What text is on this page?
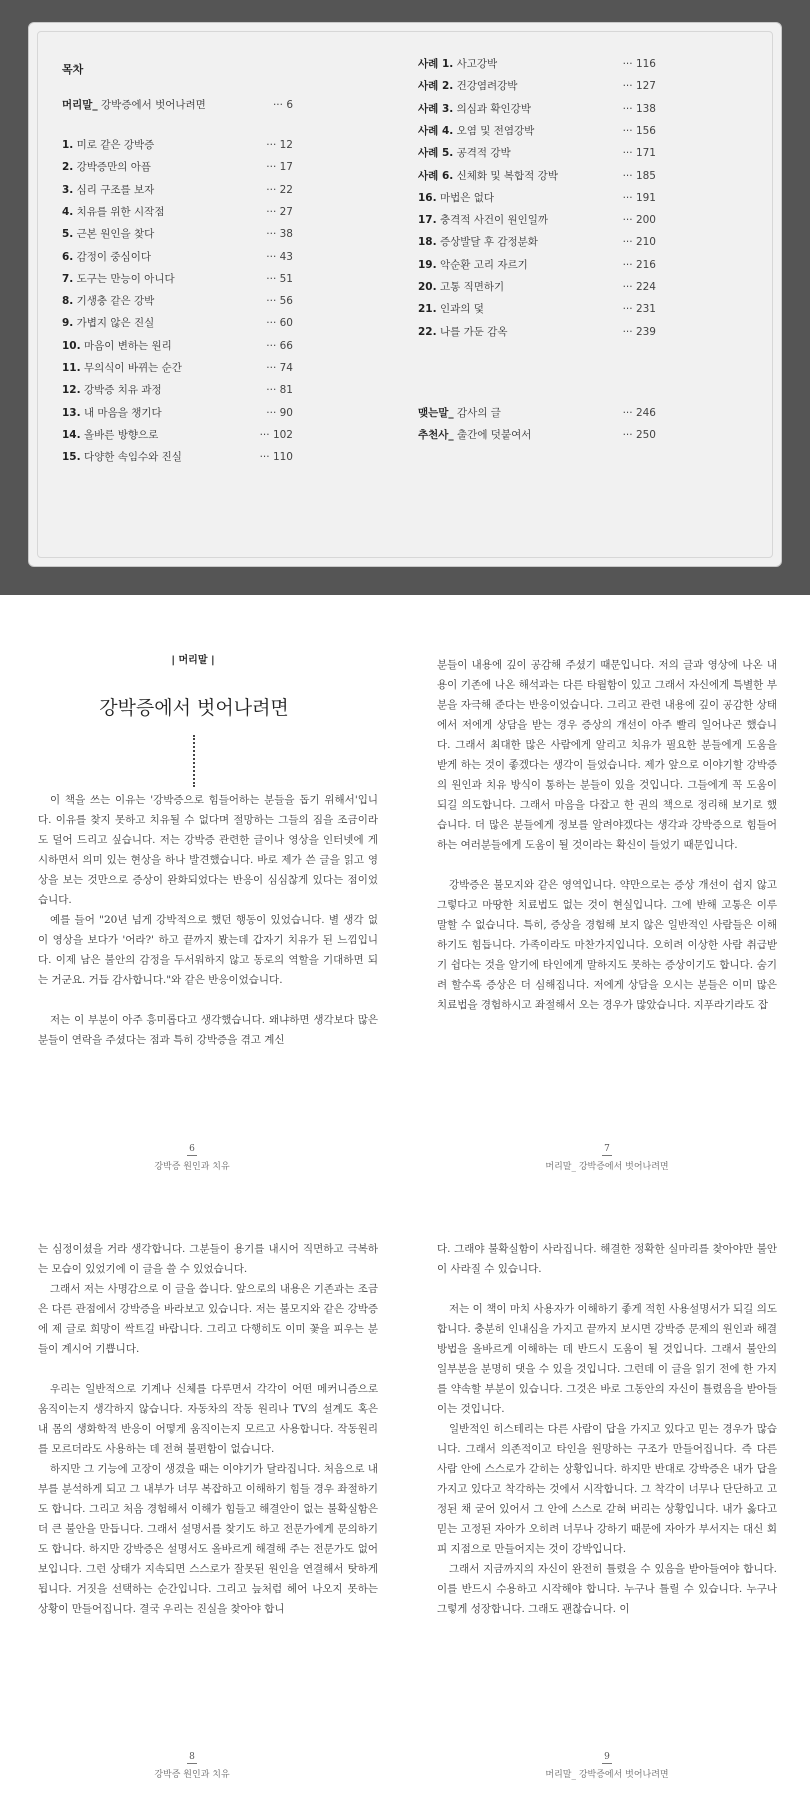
목차
머리말_ 강박증에서 벗어나려면	··· 6
1. 미로 같은 강박증	··· 12
2. 강박증만의 아픔	··· 17
3. 심리 구조를 보자	··· 22
4. 치유를 위한 시작점	··· 27
5. 근본 원인을 찾다	··· 38
6. 감정이 중심이다	··· 43
7. 도구는 만능이 아니다	··· 51
8. 기생충 같은 강박	··· 56
9. 가볍지 않은 진실	··· 60
10. 마음이 변하는 원리	··· 66
11. 무의식이 바뀌는 순간	··· 74
12. 강박증 치유 과정	··· 81
13. 내 마음을 챙기다	··· 90
14. 올바른 방향으로	··· 102
15. 다양한 속임수와 진실	··· 110
사례 1. 사고강박	··· 116
사례 2. 건강염려강박	··· 127
사례 3. 의심과 확인강박	··· 138
사례 4. 오염 및 전염강박	··· 156
사례 5. 공격적 강박	··· 171
사례 6. 신체화 및 복합적 강박	··· 185
16. 마법은 없다	··· 191
17. 충격적 사건이 원인일까	··· 200
18. 증상발달 후 감정분화	··· 210
19. 악순환 고리 자르기	··· 216
20. 고통 직면하기	··· 224
21. 인과의 덫	··· 231
22. 나를 가둔 감옥	··· 239
맺는말_ 감사의 글	··· 246
추천사_ 출간에 덧붙여서	··· 250
| 머리말 |
강박증에서 벗어나려면

이 책을 쓰는 이유는 '강박증으로 힘들어하는 분들을 돕기 위해서'입니다. 이유를 찾지 못하고 치유될 수 없다며 절망하는 그들의 짐을 조금이라도 덜어 드리고 싶습니다. 저는 강박증 관련한 글이나 영상을 인터넷에 게시하면서 의미 있는 현상을 하나 발견했습니다. 바로 제가 쓴 글을 읽고 영상을 보는 것만으로 증상이 완화되었다는 반응이 심심찮게 있다는 점이었습니다.

예를 들어 "20년 넘게 강박적으로 했던 행동이 있었습니다. 별 생각 없이 영상을 보다가 '어라?' 하고 끝까지 봤는데 갑자기 치유가 된 느낌입니다. 이제 남은 불안의 감정을 두서워하지 않고 동로의 역할을 기대하면 되는 거군요. 거듭 감사합니다."와 같은 반응이었습니다.

저는 이 부분이 아주 흥미롭다고 생각했습니다. 왜냐하면 생각보다 많은 분들이 연락을 주셨다는 점과 특히 강박증을 겪고 계신

6
강박증 원인과 치유

분들이 내용에 깊이 공감해 주셨기 때문입니다. 저의 글과 영상에 나온 내용이 기존에 나온 해석과는 다른 타월함이 있고 그래서 자신에게 특별한 부분을 자극해 준다는 반응이었습니다. 그리고 관련 내용에 깊이 공감한 상태에서 저에게 상담을 받는 경우 증상의 개선이 아주 빨리 일어나곤 했습니다. 그래서 최대한 많은 사람에게 알리고 치유가 필요한 분들에게 도움을 받게 하는 것이 좋겠다는 생각이 들었습니다. 제가 앞으로 이야기할 강박증의 원인과 치유 방식이 통하는 분들이 있을 것입니다. 그들에게 꼭 도움이 되길 의도합니다. 그래서 마음을 다잡고 한 권의 책으로 정리해 보기로 했습니다. 더 많은 분들에게 정보를 알려야겠다는 생각과 강박증으로 힘들어하는 여러분들에게 도움이 될 것이라는 확신이 들었기 때문입니다.

강박증은 불모지와 같은 영역입니다. 약만으로는 증상 개선이 쉽지 않고 그렇다고 마땅한 치료법도 없는 것이 현실입니다. 그에 반해 고통은 이루 말할 수 없습니다. 특히, 증상을 경험해 보지 않은 일반적인 사람들은 이해하기도 힘듭니다. 가족이라도 마찬가지입니다. 오히려 이상한 사람 취급받기 쉽다는 것을 알기에 타인에게 말하지도 못하는 증상이기도 합니다. 숨기려 할수록 증상은 더 심해집니다. 저에게 상담을 오시는 분들은 이미 많은 치료법을 경험하시고 좌절해서 오는 경우가 많았습니다. 지푸라기라도 잡

7
머리말_ 강박증에서 벗어나려면

는 심정이셨을 거라 생각합니다. 그분들이 용기를 내시어 직면하고 극복하는 모습이 있었기에 이 글을 쓸 수 있었습니다.

그래서 저는 사명감으로 이 글을 씁니다. 앞으로의 내용은 기존과는 조금은 다른 관점에서 강박증을 바라보고 있습니다. 저는 불모지와 같은 강박증에 제 글로 희망이 싹트길 바랍니다. 그리고 다행히도 이미 꽃을 피우는 분들이 계시어 기쁩니다.

우리는 일반적으로 기계나 신체를 다루면서 각각이 어떤 메커니즘으로 움직이는지 생각하지 않습니다. 자동차의 작동 원리나 TV의 설계도 혹은 내 몸의 생화학적 반응이 어떻게 움직이는지 모르고 사용합니다. 작동원리를 모르더라도 사용하는 데 전혀 불편함이 없습니다.

하지만 그 기능에 고장이 생겼을 때는 이야기가 달라집니다. 처음으로 내부를 분석하게 되고 그 내부가 너무 복잡하고 이해하기 힘들 경우 좌절하기도 합니다. 그리고 처음 경험해서 이해가 힘들고 해결안이 없는 불확실함은 더 큰 불안을 만듭니다. 그래서 설명서를 찾기도 하고 전문가에게 문의하기도 합니다. 하지만 강박증은 설명서도 올바르게 해결해 주는 전문가도 없어 보입니다. 그런 상태가 지속되면 스스로가 잘못된 원인을 연결해서 탓하게 됩니다. 거짓을 선택하는 순간입니다. 그리고 늪처럼 헤어 나오지 못하는 상황이 만들어집니다. 결국 우리는 진실을 찾아야 합니

8
강박증 원인과 치유

다. 그래야 불확실함이 사라집니다. 해결한 정확한 실마리를 찾아야만 불안이 사라질 수 있습니다.

저는 이 책이 마치 사용자가 이해하기 좋게 적힌 사용설명서가 되길 의도합니다. 충분히 인내심을 가지고 끝까지 보시면 강박증 문제의 원인과 해결 방법을 올바르게 이해하는 데 반드시 도움이 될 것입니다. 그래서 불안의 일부분을 분명히 댓을 수 있을 것입니다. 그런데 이 글을 읽기 전에 한 가지를 약속할 부분이 있습니다. 그것은 바로 그동안의 자신이 틀렸음을 받아들이는 것입니다.

일반적인 히스테리는 다른 사람이 답을 가지고 있다고 믿는 경우가 많습니다. 그래서 의존적이고 타인을 원망하는 구조가 만들어집니다. 즉 다른 사람 안에 스스로가 갇히는 상황입니다. 하지만 반대로 강박증은 내가 답을 가지고 있다고 착각하는 것에서 시작합니다. 그 착각이 너무나 단단하고 고정된 채 굳어 있어서 그 안에 스스로 갇혀 버리는 상황입니다. 내가 옳다고 믿는 고정된 자아가 오히려 너무나 강하기 때문에 자아가 부서지는 대신 회피 지점으로 만들어지는 것이 강박입니다.

그래서 지금까지의 자신이 완전히 틀렸을 수 있음을 받아들여야 합니다. 이를 반드시 수용하고 시작해야 합니다. 누구나 틀릴 수 있습니다. 누구나 그렇게 성장합니다. 그래도 괜찮습니다. 이

9
머리말_ 강박증에서 벗어나려면
